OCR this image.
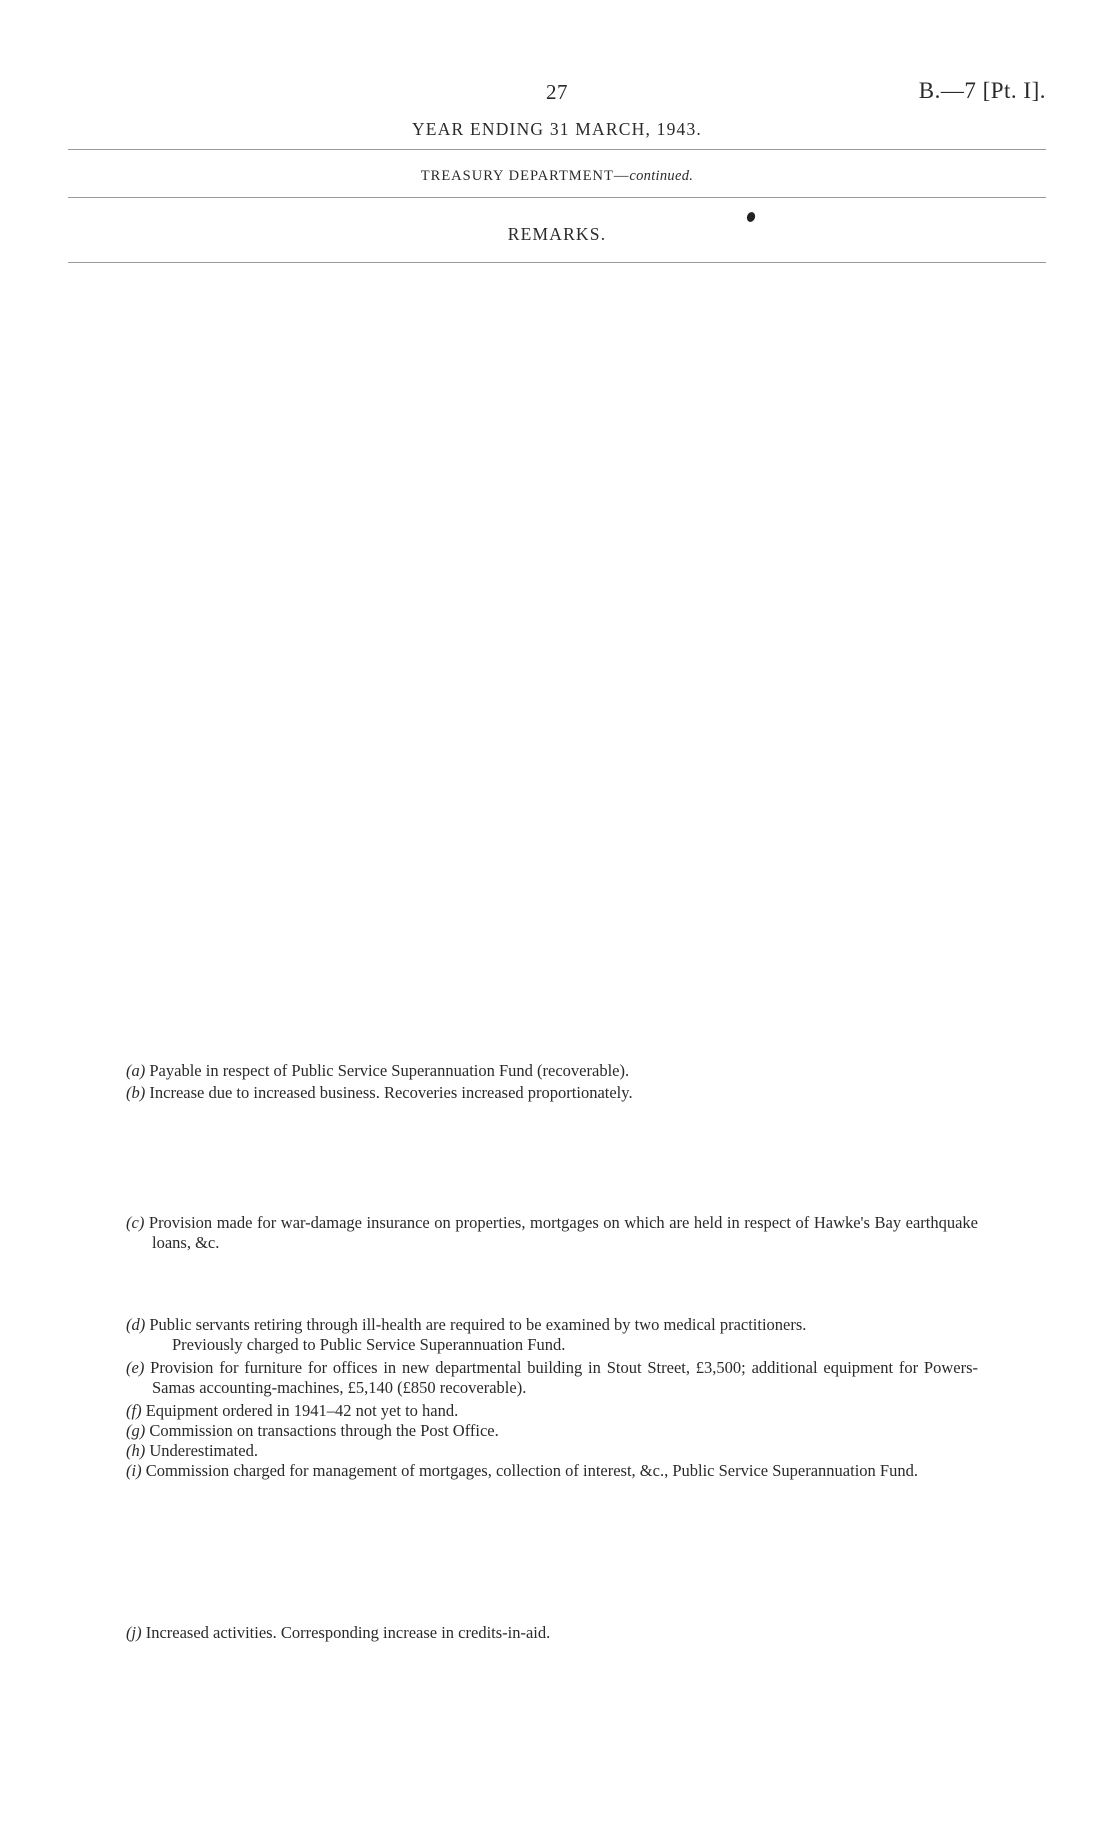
27	B.—7 [Pt. I].
YEAR ENDING 31 MARCH, 1943.
TREASURY DEPARTMENT—continued.
REMARKS.
(a) Payable in respect of Public Service Superannuation Fund (recoverable).
(b) Increase due to increased business. Recoveries increased proportionately.
(c) Provision made for war-damage insurance on properties, mortgages on which are held in respect of Hawke's Bay earthquake loans, &c.
(d) Public servants retiring through ill-health are required to be examined by two medical practitioners.
Previously charged to Public Service Superannuation Fund.
(e) Provision for furniture for offices in new departmental building in Stout Street, £3,500; additional equipment for Powers-Samas accounting-machines, £5,140 (£850 recoverable).
(f) Equipment ordered in 1941–42 not yet to hand.
(g) Commission on transactions through the Post Office.
(h) Underestimated.
(i) Commission charged for management of mortgages, collection of interest, &c., Public Service Superannuation Fund.
(j) Increased activities. Corresponding increase in credits-in-aid.
